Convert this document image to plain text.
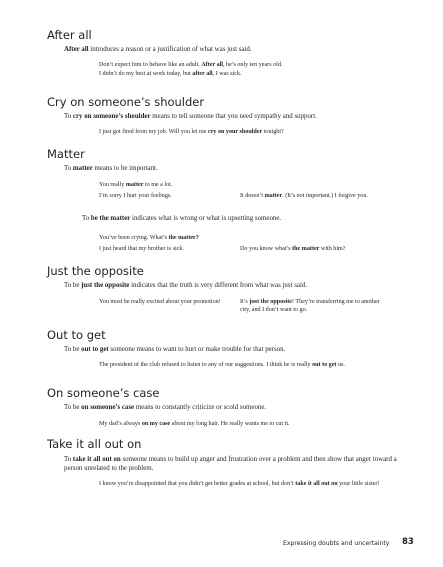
After all
After all introduces a reason or a justification of what was just said.
Don’t expect him to behave like an adult. After all, he’s only ten years old.
I didn’t do my best at work today, but after all, I was sick.
Cry on someone’s shoulder
To cry on someone’s shoulder means to tell someone that you need sympathy and support.
I just got fired from my job. Will you let me cry on your shoulder tonight?
Matter
To matter means to be important.
You really matter to me a lot.
I’m sorry I hurt your feelings.	It doesn’t matter. (It’s not important.) I forgive you.
To be the matter indicates what is wrong or what is upsetting someone.
You’ve been crying. What’s the matter?
I just heard that my brother is sick.	Do you know what’s the matter with him?
Just the opposite
To be just the opposite indicates that the truth is very different from what was just said.
You must be really excited about your promotion!	It’s just the opposite! They’re transferring me to another city, and I don’t want to go.
Out to get
To be out to get someone means to want to hurt or make trouble for that person.
The president of the club refused to listen to any of our suggestions. I think he is really out to get us.
On someone’s case
To be on someone’s case means to constantly criticize or scold someone.
My dad’s always on my case about my long hair. He really wants me to cut it.
Take it all out on
To take it all out on someone means to build up anger and frustration over a problem and then show that anger toward a person unrelated to the problem.
I know you’re disappointed that you didn’t get better grades at school, but don’t take it all out on your little sister!
Expressing doubts and uncertainty 83
